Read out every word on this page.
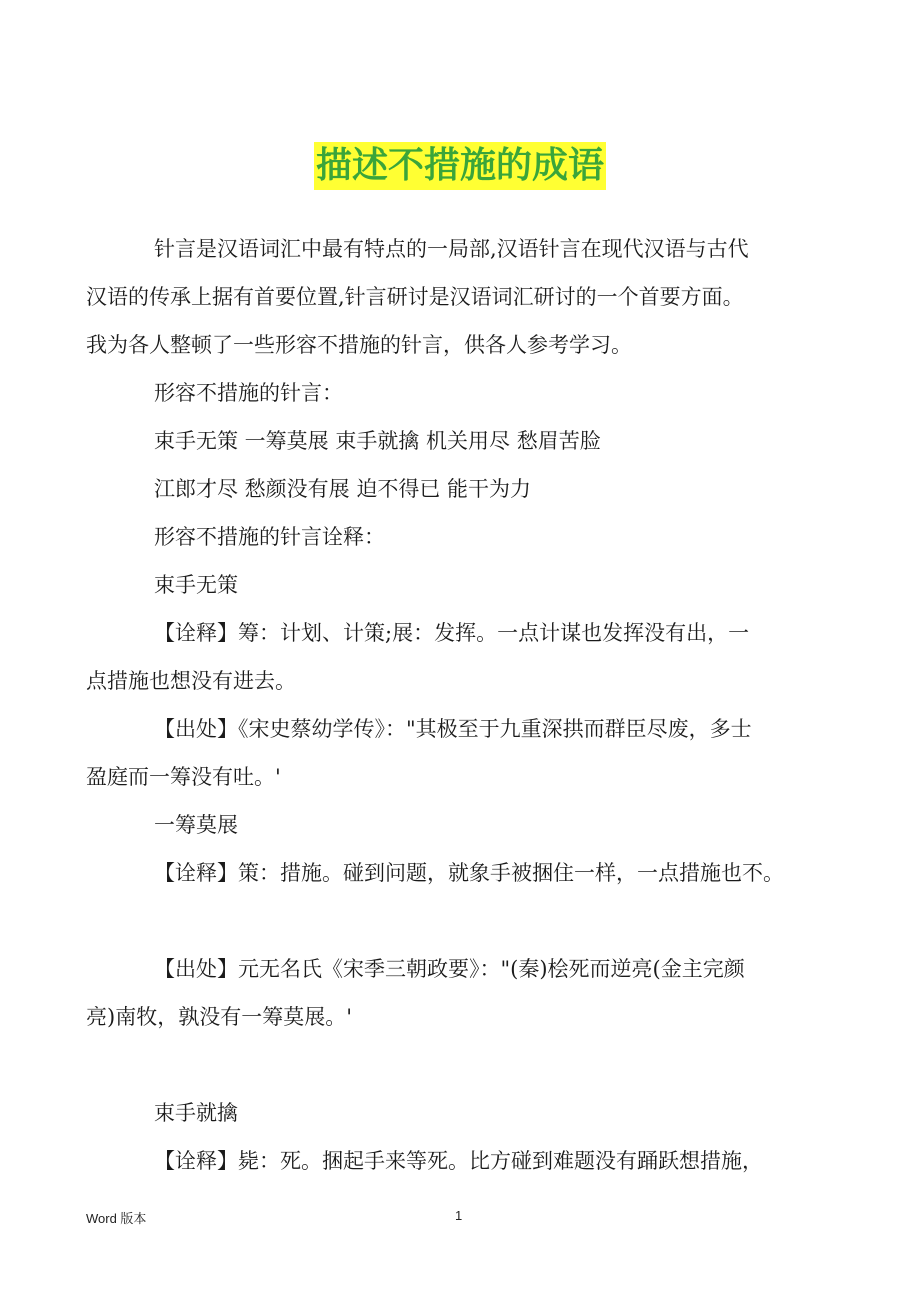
描述不措施的成语

针言是汉语词汇中最有特点的一局部,汉语针言在现代汉语与古代

汉语的传承上据有首要位置,针言研讨是汉语词汇研讨的一个首要方面。

我为各人整顿了一些形容不措施的针言，供各人参考学习。

形容不措施的针言：

束手无策 一筹莫展 束手就擒 机关用尽 愁眉苦脸

江郎才尽 愁颜没有展 迫不得已 能干为力

形容不措施的针言诠释：

束手无策

【诠释】筹：计划、计策;展：发挥。一点计谋也发挥没有出，一

点措施也想没有进去。

【出处】《宋史蔡幼学传》："其极至于九重深拱而群臣尽废，多士

盈庭而一筹没有吐。'

一筹莫展

【诠释】策：措施。碰到问题，就象手被捆住一样，一点措施也不。

【出处】元无名氏《宋季三朝政要》："(秦)桧死而逆亮(金主完颜

亮)南牧，孰没有一筹莫展。'

束手就擒

【诠释】毙：死。捆起手来等死。比方碰到难题没有踊跃想措施，

Word 版本	1
